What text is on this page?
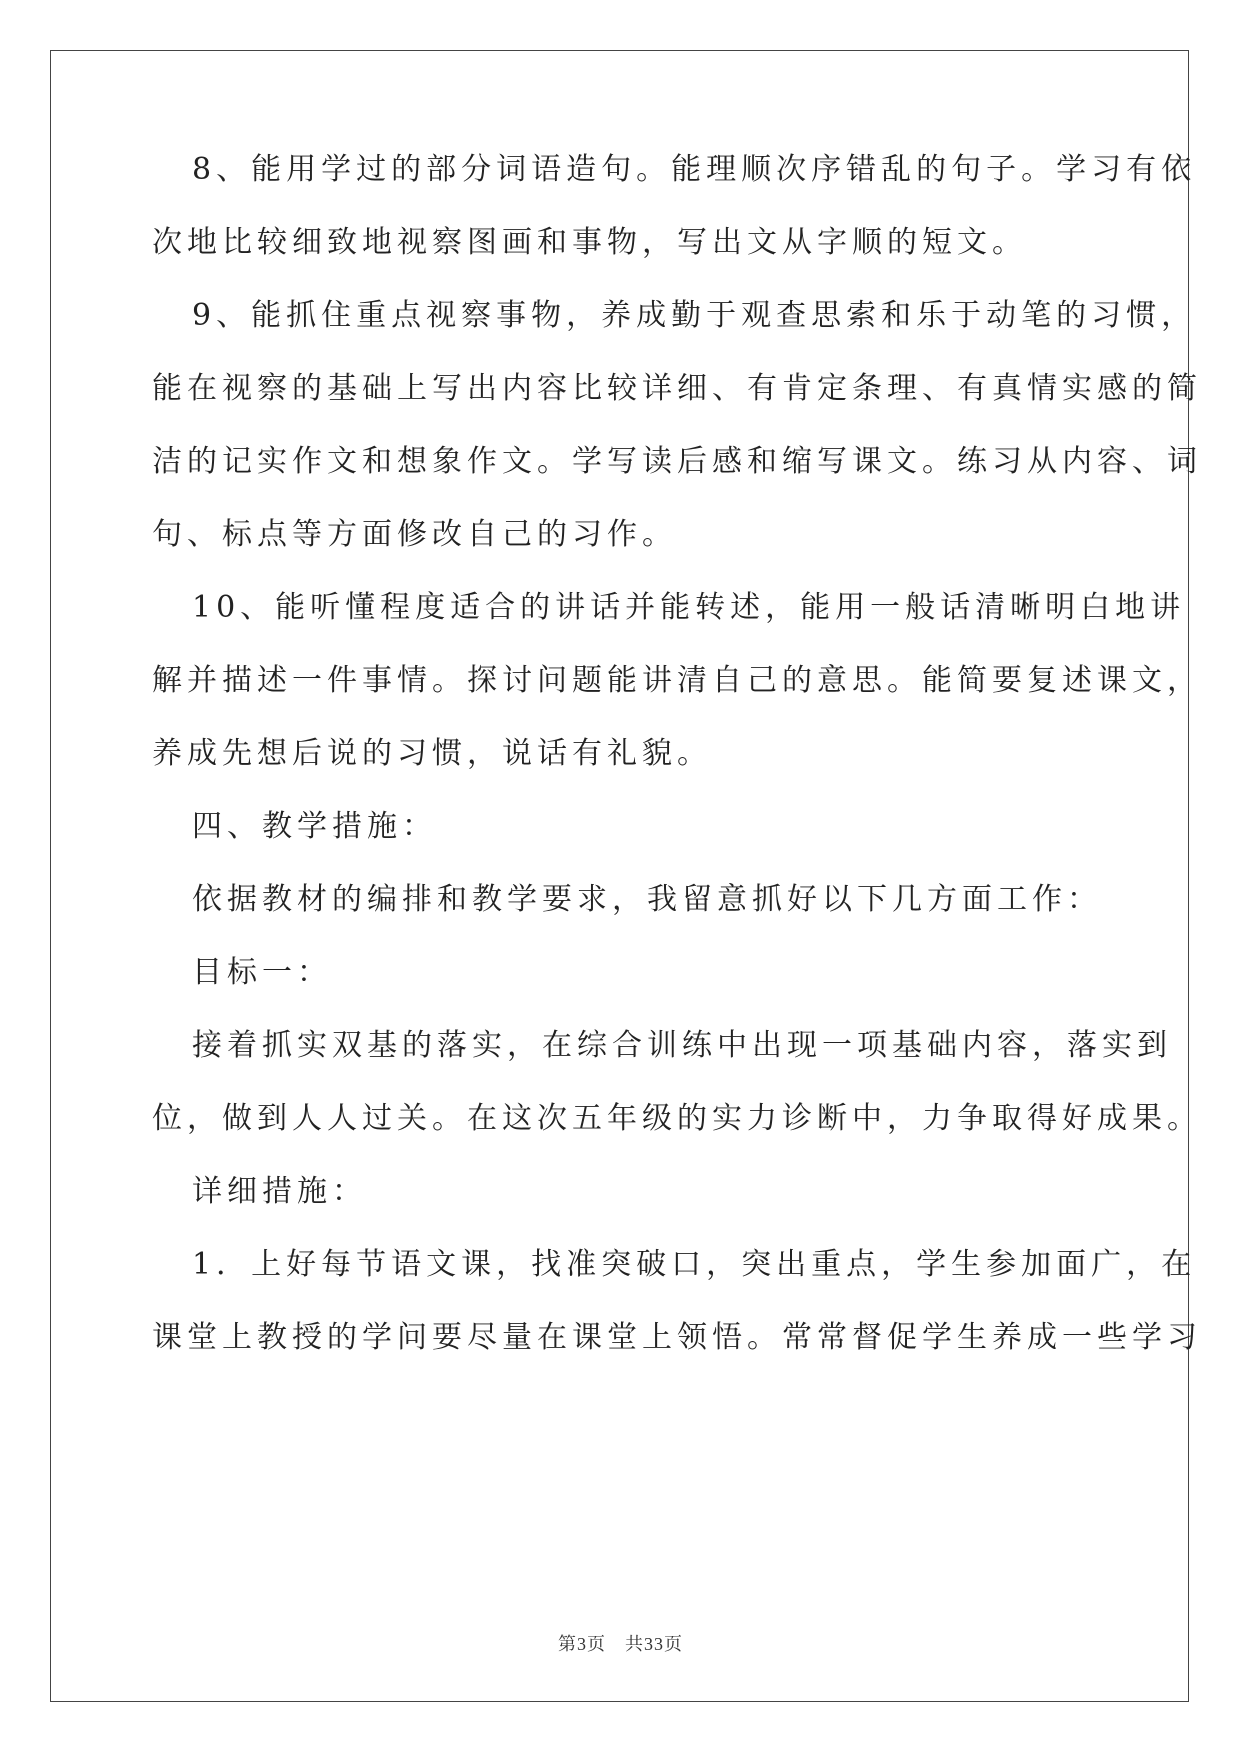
8、能用学过的部分词语造句。能理顺次序错乱的句子。学习有依
次地比较细致地视察图画和事物，写出文从字顺的短文。
9、能抓住重点视察事物，养成勤于观查思索和乐于动笔的习惯，
能在视察的基础上写出内容比较详细、有肯定条理、有真情实感的简
洁的记实作文和想象作文。学写读后感和缩写课文。练习从内容、词
句、标点等方面修改自己的习作。
10、能听懂程度适合的讲话并能转述，能用一般话清晰明白地讲
解并描述一件事情。探讨问题能讲清自己的意思。能简要复述课文，
养成先想后说的习惯，说话有礼貌。
四、教学措施：
依据教材的编排和教学要求，我留意抓好以下几方面工作：
目标一：
接着抓实双基的落实，在综合训练中出现一项基础内容，落实到
位，做到人人过关。在这次五年级的实力诊断中，力争取得好成果。
详细措施：
1．上好每节语文课，找准突破口，突出重点，学生参加面广，在
课堂上教授的学问要尽量在课堂上领悟。常常督促学生养成一些学习
第3页　共33页
